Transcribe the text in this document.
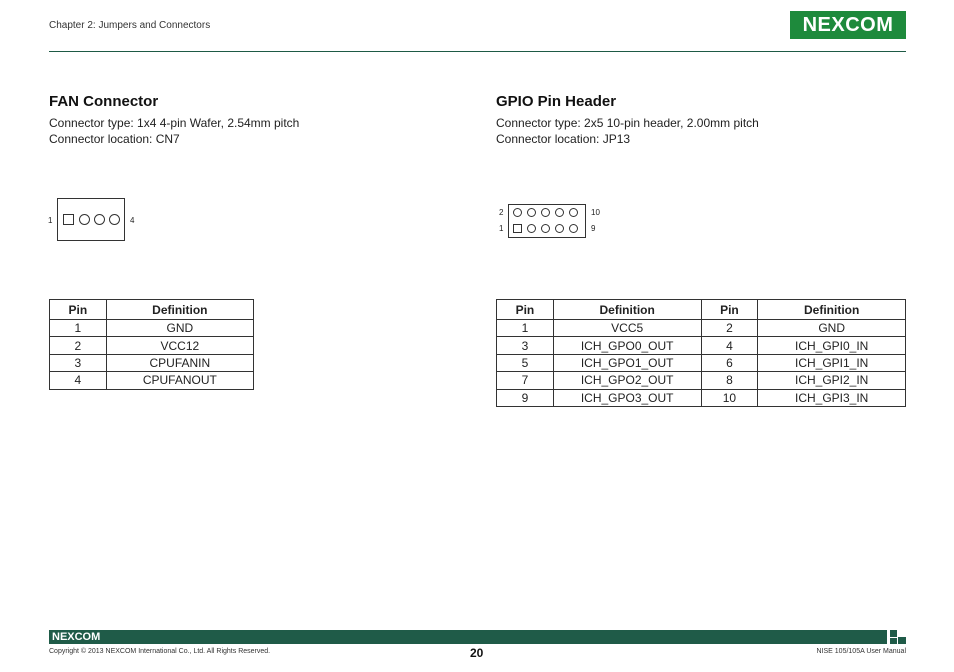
Chapter 2: Jumpers and Connectors	NEXCOM
FAN Connector
Connector type: 1x4 4-pin Wafer, 2.54mm pitch
Connector location: CN7
1	4
Pin	Definition
1	GND
2	VCC12
3	CPUFANIN
4	CPUFANOUT
GPIO Pin Header
Connector type: 2x5 10-pin header, 2.00mm pitch
Connector location: JP13
2	10
1	9
Pin	Definition	Pin	Definition
1	VCC5	2	GND
3	ICH_GPO0_OUT	4	ICH_GPI0_IN
5	ICH_GPO1_OUT	6	ICH_GPI1_IN
7	ICH_GPO2_OUT	8	ICH_GPI2_IN
9	ICH_GPO3_OUT	10	ICH_GPI3_IN
NEXCOM
Copyright © 2013 NEXCOM International Co., Ltd. All Rights Reserved.	20	NISE 105/105A User Manual
